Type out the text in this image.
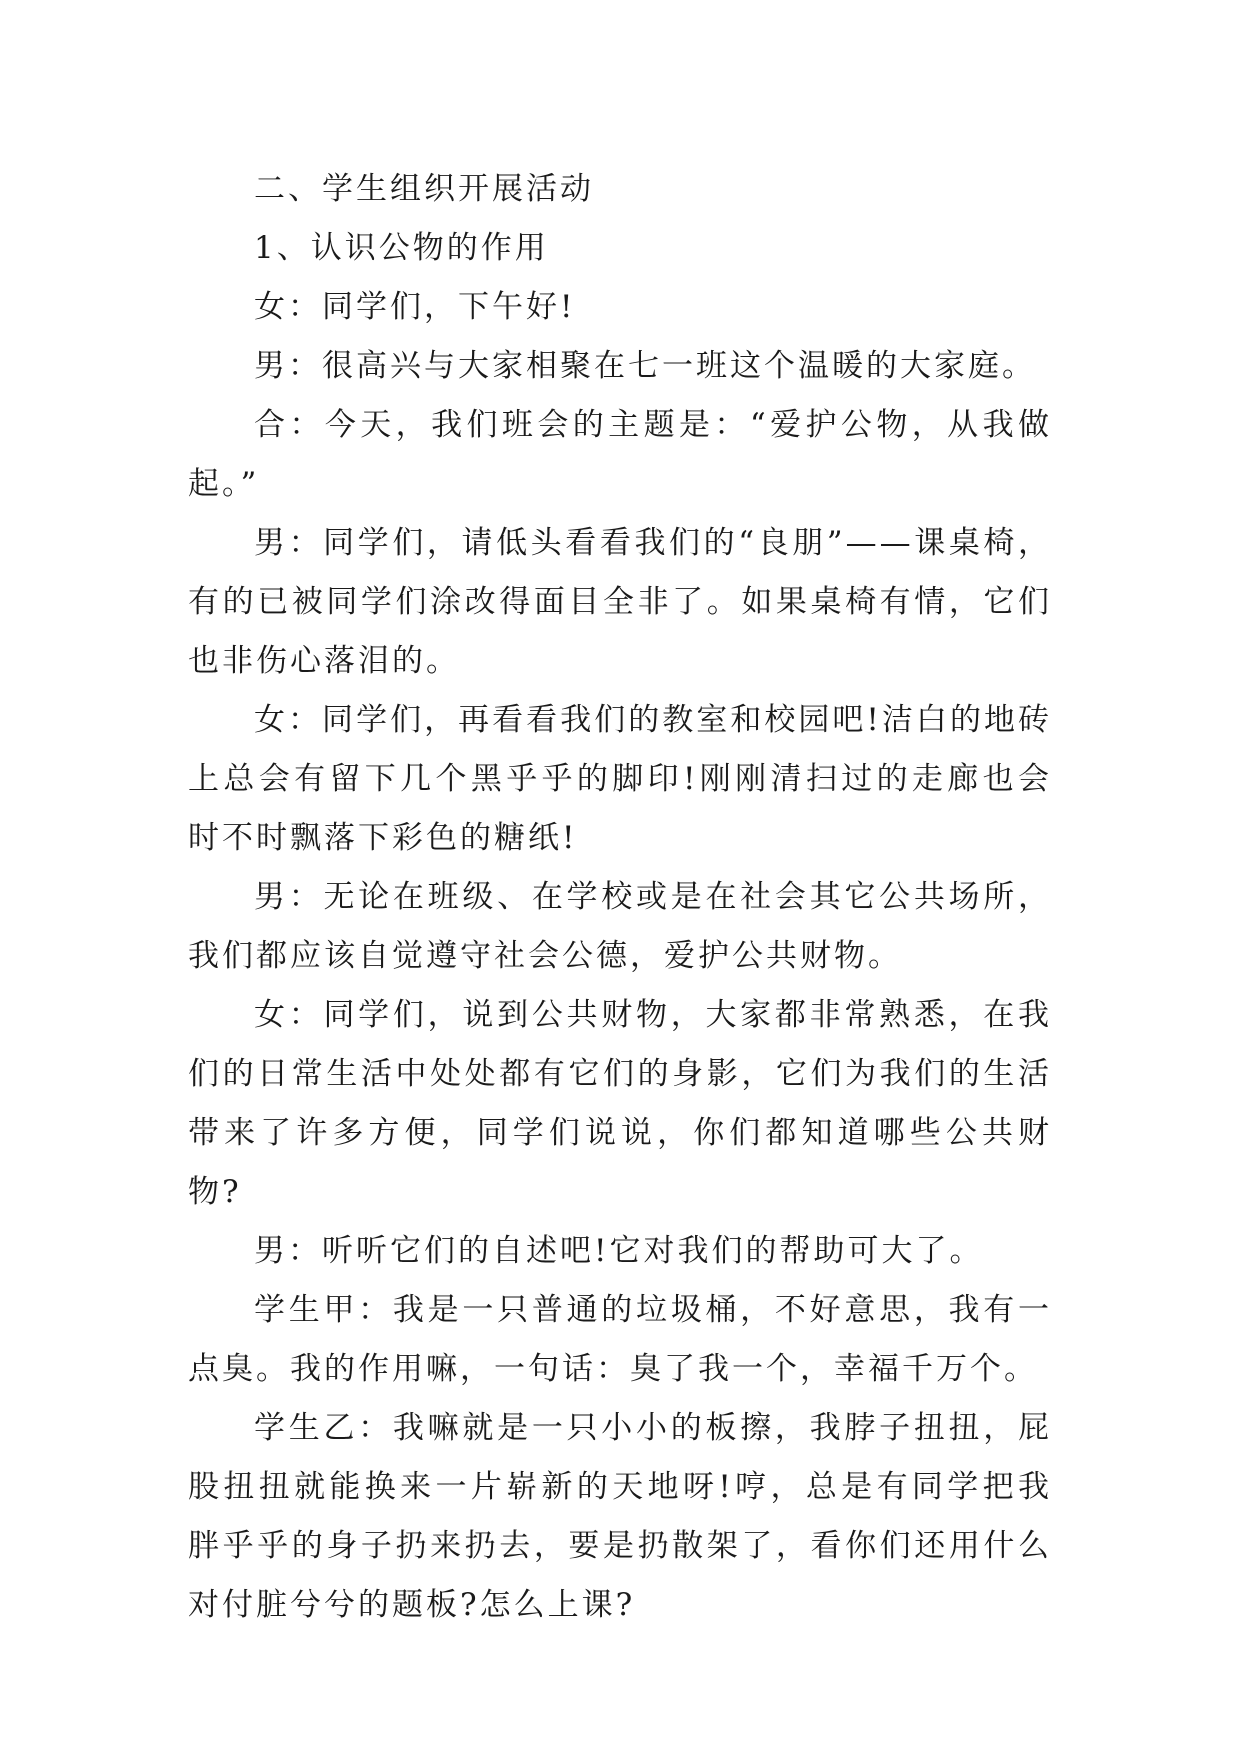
二、学生组织开展活动

1、认识公物的作用

女：同学们，下午好!

男：很高兴与大家相聚在七一班这个温暖的大家庭。

合：今天，我们班会的主题是：“爱护公物，从我做起。”

男：同学们，请低头看看我们的“良朋”——课桌椅，有的已被同学们涂改得面目全非了。如果桌椅有情，它们也非伤心落泪的。

女：同学们，再看看我们的教室和校园吧!洁白的地砖上总会有留下几个黑乎乎的脚印!刚刚清扫过的走廊也会时不时飘落下彩色的糖纸!

男：无论在班级、在学校或是在社会其它公共场所，我们都应该自觉遵守社会公德，爱护公共财物。

女：同学们，说到公共财物，大家都非常熟悉，在我们的日常生活中处处都有它们的身影，它们为我们的生活带来了许多方便，同学们说说，你们都知道哪些公共财物?

男：听听它们的自述吧!它对我们的帮助可大了。

学生甲：我是一只普通的垃圾桶，不好意思，我有一点臭。我的作用嘛，一句话：臭了我一个，幸福千万个。

学生乙：我嘛就是一只小小的板擦，我脖子扭扭，屁股扭扭就能换来一片崭新的天地呀!哼，总是有同学把我胖乎乎的身子扔来扔去，要是扔散架了，看你们还用什么对付脏兮兮的题板?怎么上课?
